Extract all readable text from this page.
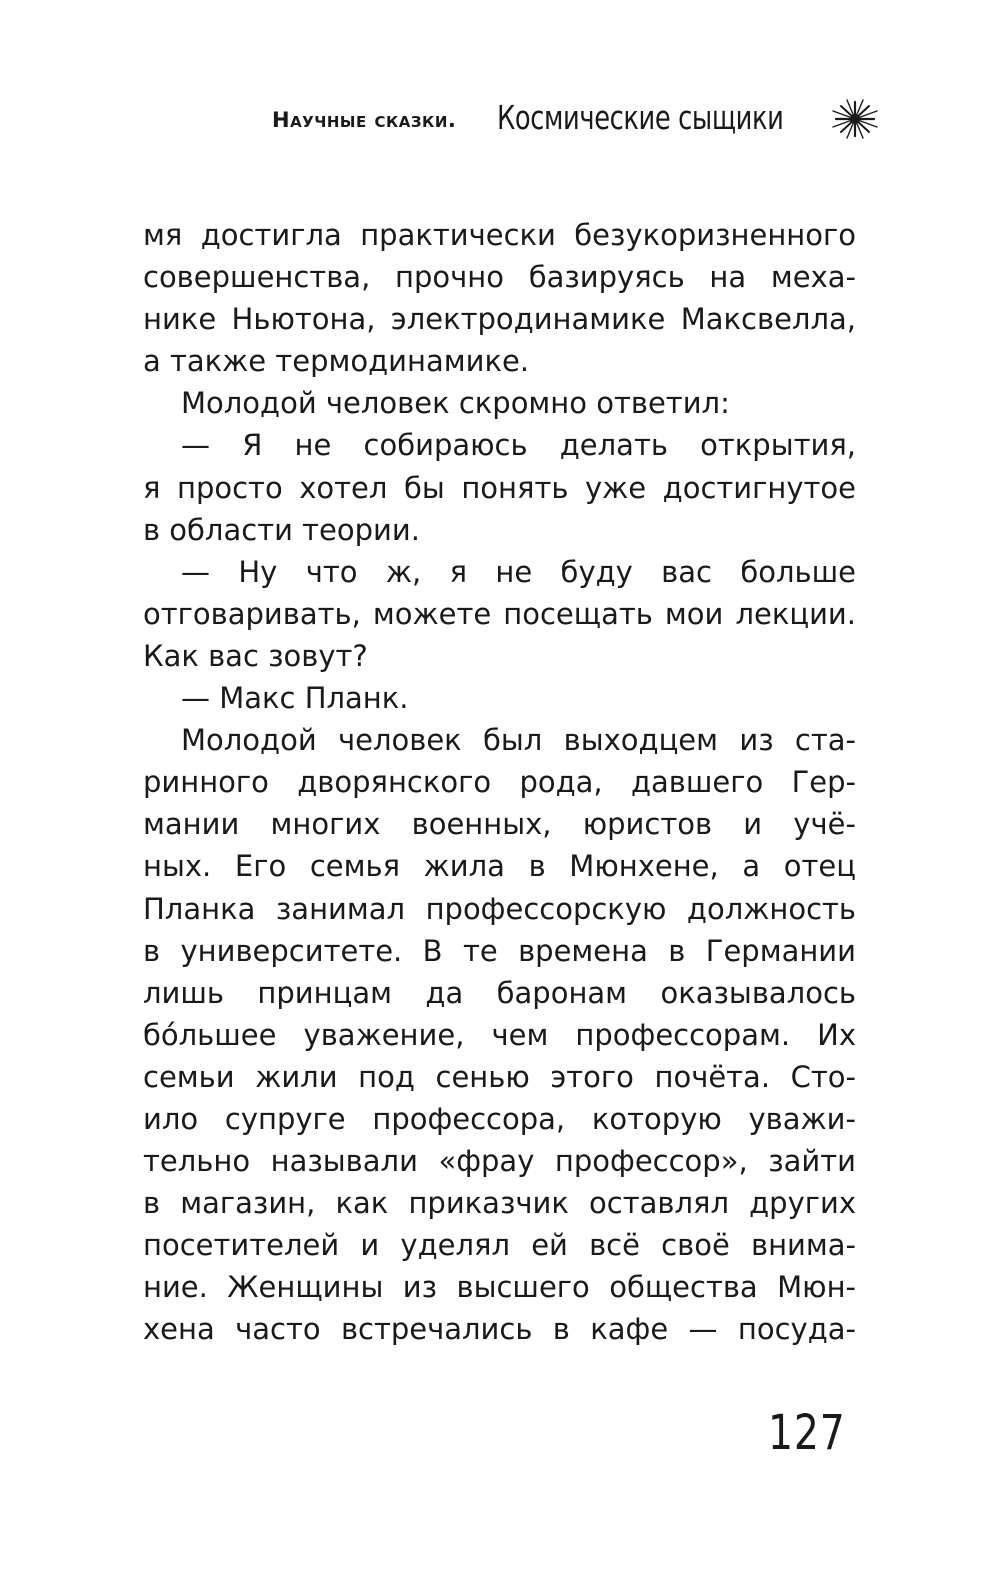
Научные сказки. Космические сыщики
мя достигла практически безукоризненного
совершенства, прочно базируясь на меха-
нике Ньютона, электродинамике Максвелла,
а также термодинамике.
Молодой человек скромно ответил:
— Я не собираюсь делать открытия,
я просто хотел бы понять уже достигнутое
в области теории.
— Ну что ж, я не буду вас больше
отговаривать, можете посещать мои лекции.
Как вас зовут?
— Макс Планк.
Молодой человек был выходцем из ста-
ринного дворянского рода, давшего Гер-
мании многих военных, юристов и учё-
ных. Его семья жила в Мюнхене, а отец
Планка занимал профессорскую должность
в университете. В те времена в Германии
лишь принцам да баронам оказывалось
бóльшее уважение, чем профессорам. Их
семьи жили под сенью этого почёта. Сто-
ило супруге профессора, которую уважи-
тельно называли «фрау профессор», зайти
в магазин, как приказчик оставлял других
посетителей и уделял ей всё своё внима-
ние. Женщины из высшего общества Мюн-
хена часто встречались в кафе — посуда-
127
